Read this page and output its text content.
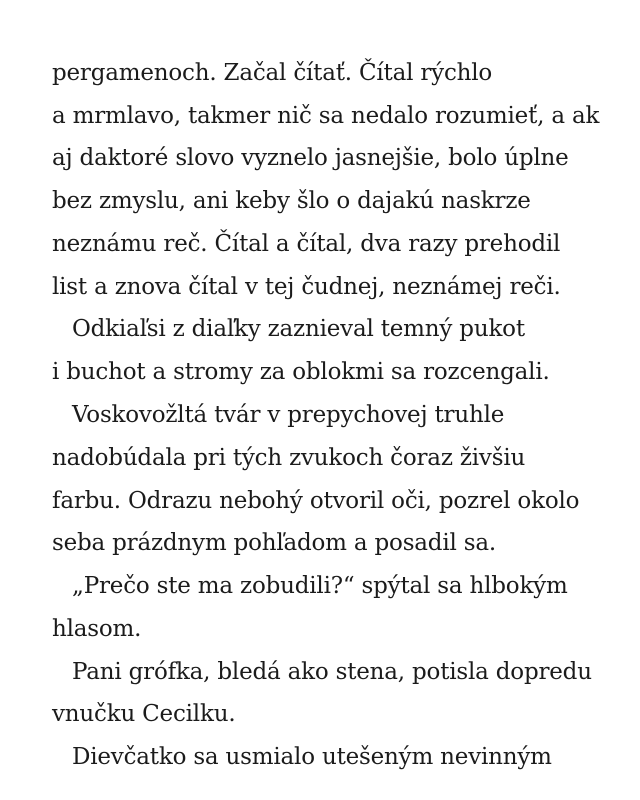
pergamenoch. Začal čítať. Čítal rýchlo

a mrmlavo, takmer nič sa nedalo rozumieť, a ak

aj daktoré slovo vyznelo jasnejšie, bolo úplne

bez zmyslu, ani keby šlo o dajakú naskrze

neznámu reč. Čítal a čítal, dva razy prehodil

list a znova čítal v tej čudnej, neznámej reči.

Odkiaľsi z diaľky zaznieval temný pukot

i buchot a stromy za oblokmi sa rozcengali.

Voskovožltá tvár v prepychovej truhle

nadobúdala pri tých zvukoch čoraz živšiu

farbu. Odrazu nebohý otvoril oči, pozrel okolo

seba prázdnym pohľadom a posadil sa.

„Prečo ste ma zobudili?“ spýtal sa hlbokým

hlasom.

Pani grófka, bledá ako stena, potisla dopredu

vnučku Cecilku.

Dievčatko sa usmialo utešeným nevinným
